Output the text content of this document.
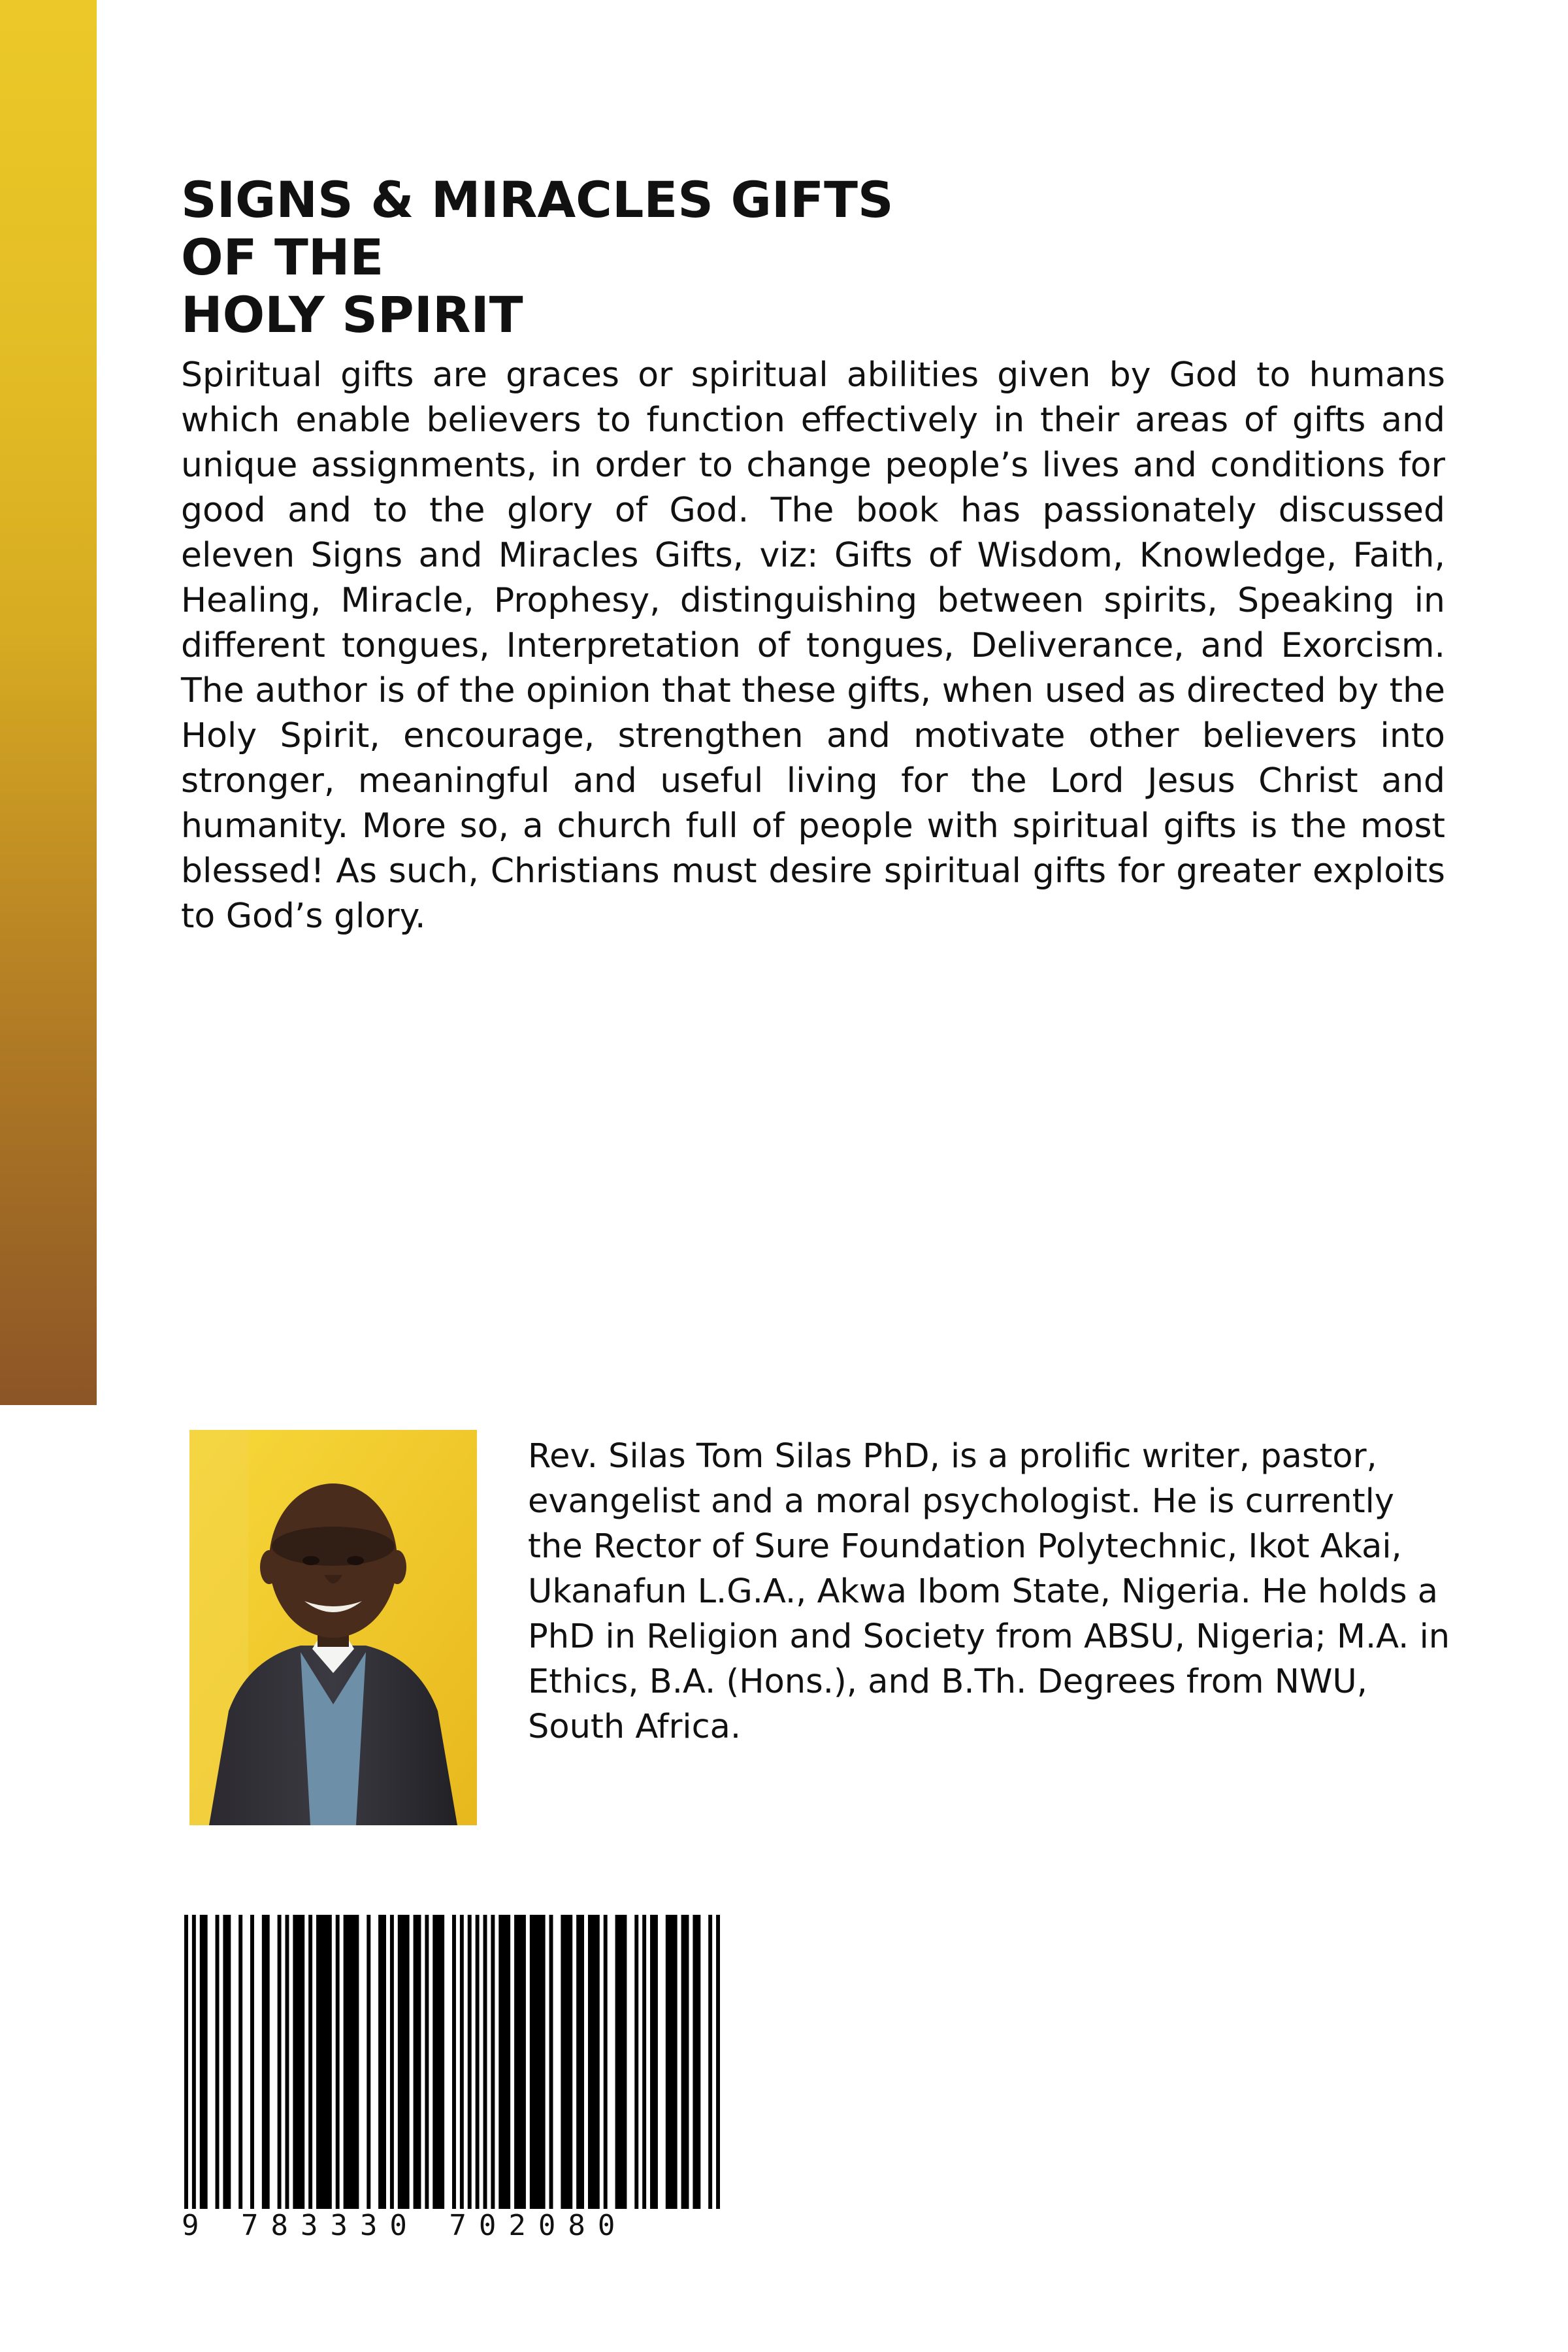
SIGNS & MIRACLES GIFTS
OF THE
HOLY SPIRIT

Spiritual gifts are graces or spiritual abilities given by God to humans which enable believers to function effectively in their areas of gifts and unique assignments, in order to change people’s lives and conditions for good and to the glory of God. The book has passionately discussed eleven Signs and Miracles Gifts, viz: Gifts of Wisdom, Knowledge, Faith, Healing, Miracle, Prophesy, distinguishing between spirits, Speaking in different tongues, Interpretation of tongues, Deliverance, and Exorcism. The author is of the opinion that these gifts, when used as directed by the Holy Spirit, encourage, strengthen and motivate other believers into stronger, meaningful and useful living for the Lord Jesus Christ and humanity. More so, a church full of people with spiritual gifts is the most blessed! As such, Christians must desire spiritual gifts for greater exploits to God’s glory.

Rev. Silas Tom Silas PhD, is a prolific writer, pastor, evangelist and a moral psychologist. He is currently the Rector of Sure Foundation Polytechnic, Ikot Akai, Ukanafun L.G.A., Akwa Ibom State, Nigeria. He holds a PhD in Religion and Society from ABSU, Nigeria; M.A. in Ethics, B.A. (Hons.), and B.Th. Degrees from NWU, South Africa.

9 783330 702080
